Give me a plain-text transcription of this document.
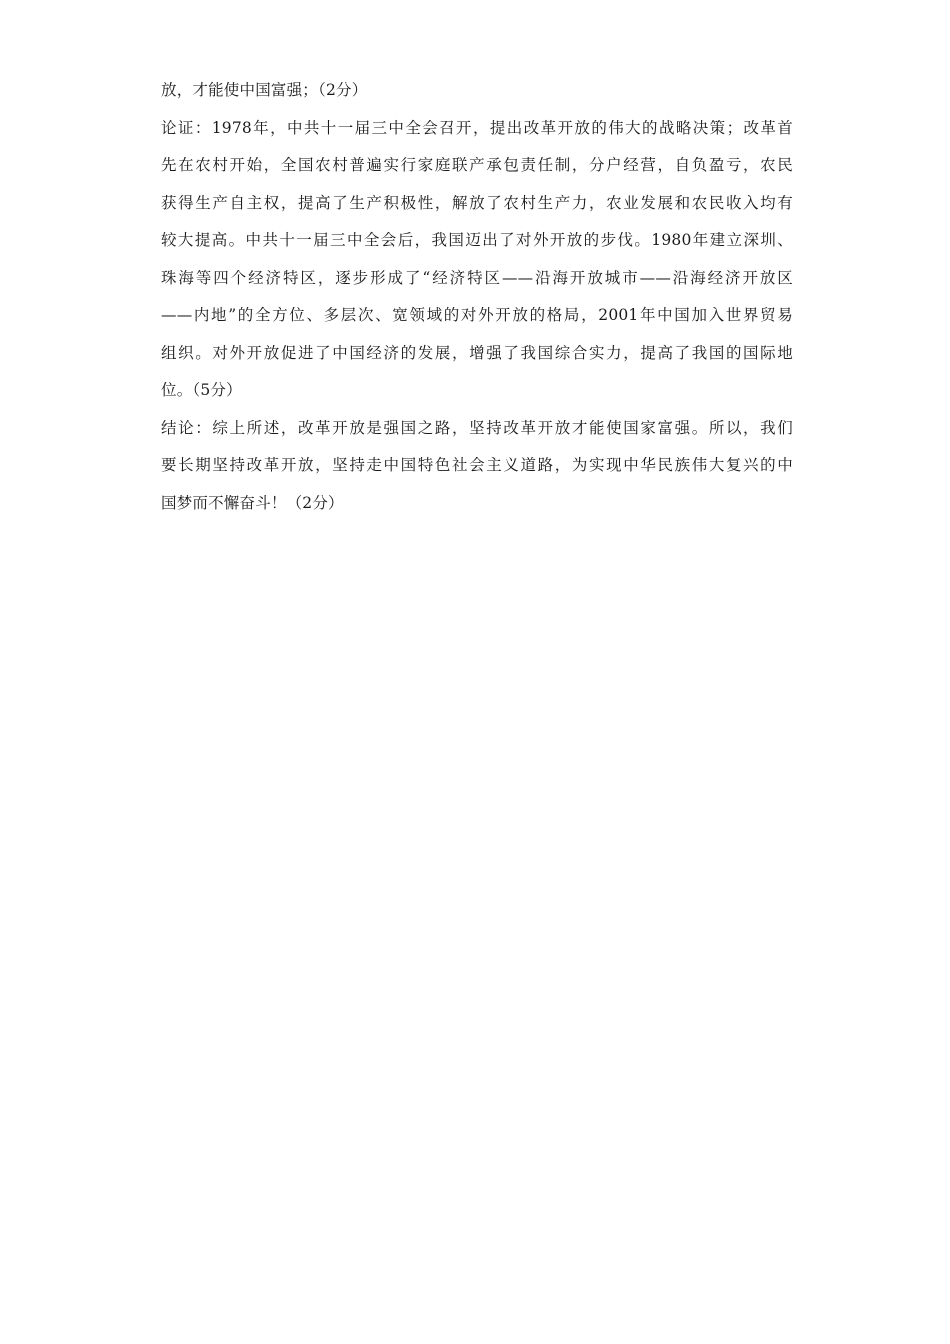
放，才能使中国富强；（2分）

论证：1978年，中共十一届三中全会召开，提出改革开放的伟大的战略决策；改革首
先在农村开始，全国农村普遍实行家庭联产承包责任制，分户经营，自负盈亏，农民
获得生产自主权，提高了生产积极性，解放了农村生产力，农业发展和农民收入均有
较大提高。中共十一届三中全会后，我国迈出了对外开放的步伐。1980年建立深圳、
珠海等四个经济特区，逐步形成了“经济特区——沿海开放城市——沿海经济开放区
——内地”的全方位、多层次、宽领域的对外开放的格局，2001年中国加入世界贸易
组织。对外开放促进了中国经济的发展，增强了我国综合实力，提高了我国的国际地
位。（5分）

结论：综上所述，改革开放是强国之路，坚持改革开放才能使国家富强。所以，我们
要长期坚持改革开放，坚持走中国特色社会主义道路，为实现中华民族伟大复兴的中
国梦而不懈奋斗！（2分）
